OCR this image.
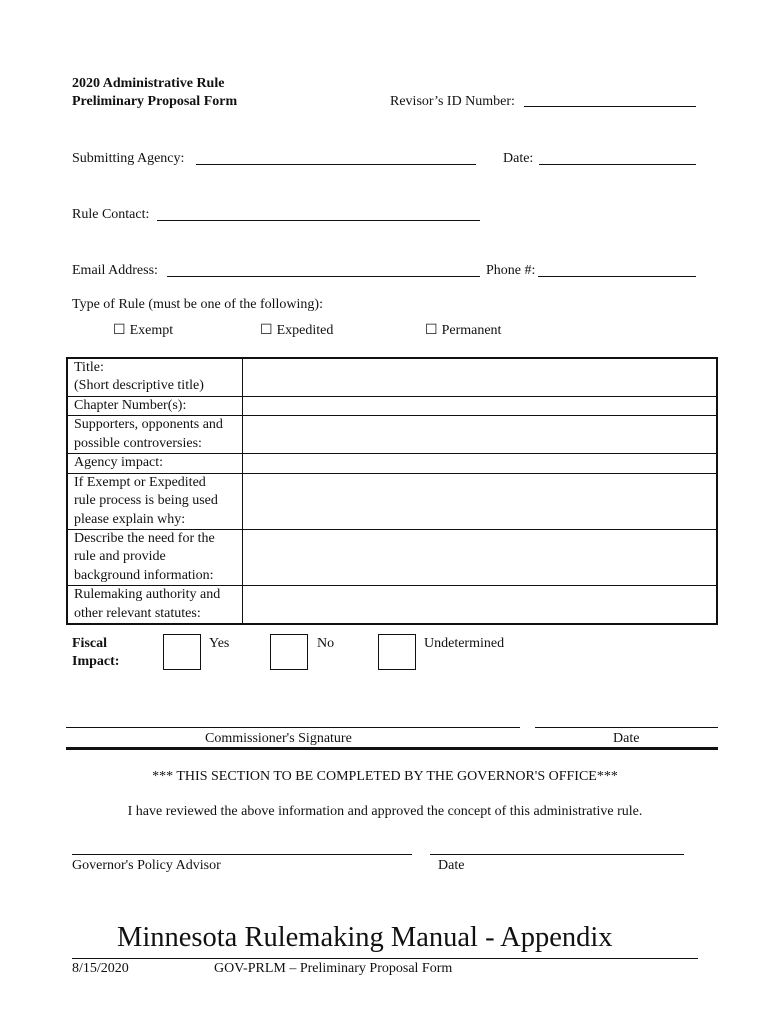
2020 Administrative Rule
Preliminary Proposal Form	Revisor’s ID Number:
Submitting Agency:	Date:
Rule Contact:
Email Address:	Phone #:
Type of Rule (must be one of the following):
☐ Exempt	☐ Expedited	☐ Permanent
Title:
(Short descriptive title)	

Chapter Number(s):	

Supporters, opponents and
possible controversies:	

Agency impact:	

If Exempt or Expedited
rule process is being used
please explain why:	

Describe the need for the
rule and provide
background information:	

Rulemaking authority and
other relevant statutes:	

Fiscal
Impact:
Yes	No	Undetermined
Commissioner's Signature	Date
*** THIS SECTION TO BE COMPLETED BY THE GOVERNOR'S OFFICE***
I have reviewed the above information and approved the concept of this administrative rule.
Governor's Policy Advisor	Date
Minnesota Rulemaking Manual - Appendix
8/15/2020	GOV-PRLM – Preliminary Proposal Form
